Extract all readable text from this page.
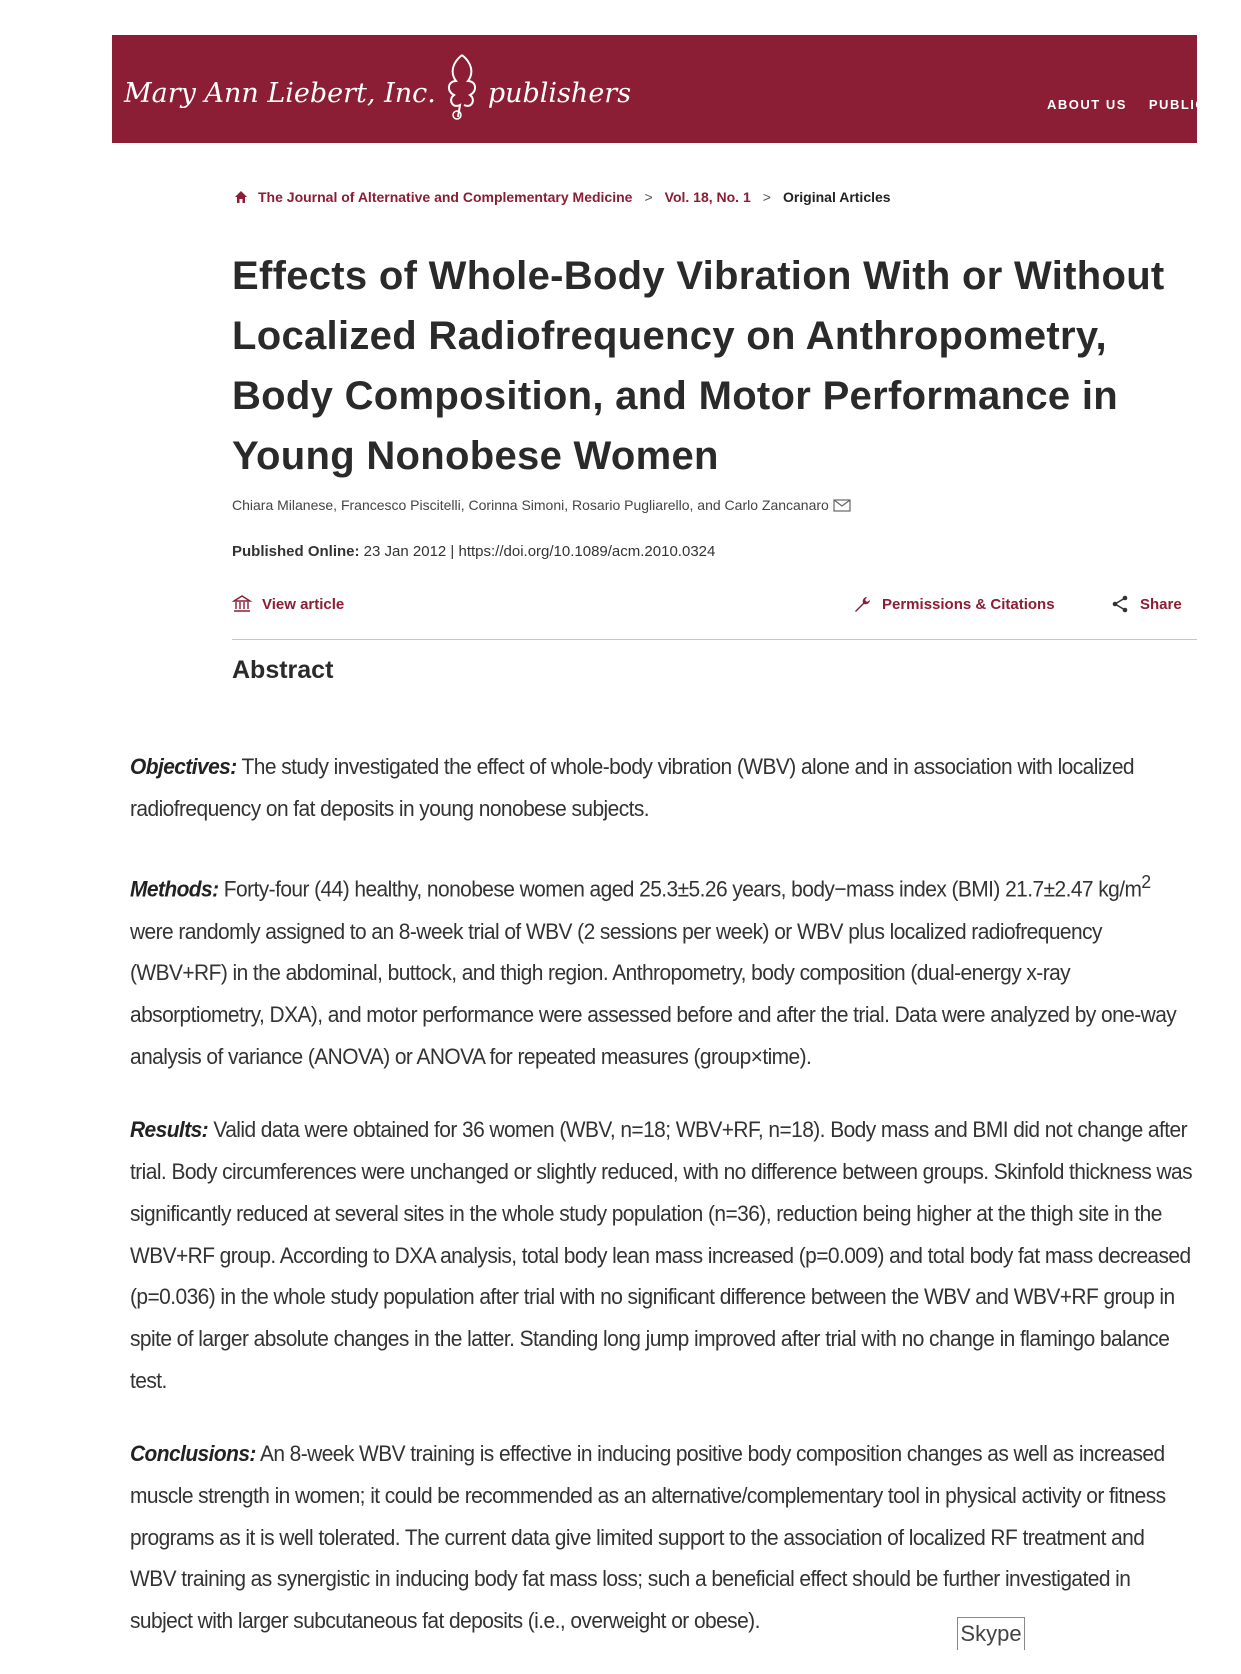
Mary Ann Liebert, Inc. publishers	ABOUT US PUBLIC
The Journal of Alternative and Complementary Medicine > Vol. 18, No. 1 > Original Articles
Effects of Whole-Body Vibration With or Without Localized Radiofrequency on Anthropometry, Body Composition, and Motor Performance in Young Nonobese Women
Chiara Milanese, Francesco Piscitelli, Corinna Simoni, Rosario Pugliarello, and Carlo Zancanaro
Published Online: 23 Jan 2012 | https://doi.org/10.1089/acm.2010.0324
View article	Permissions & Citations	Share
Abstract

Objectives: The study investigated the effect of whole-body vibration (WBV) alone and in association with localized radiofrequency on fat deposits in young nonobese subjects.

Methods: Forty-four (44) healthy, nonobese women aged 25.3±5.26 years, body−mass index (BMI) 21.7±2.47 $kg/m^2$ were randomly assigned to an 8-week trial of WBV (2 sessions per week) or WBV plus localized radiofrequency (WBV+RF) in the abdominal, buttock, and thigh region. Anthropometry, body composition (dual-energy x-ray absorptiometry, DXA), and motor performance were assessed before and after the trial. Data were analyzed by one-way analysis of variance (ANOVA) or ANOVA for repeated measures (group×time).

Results: Valid data were obtained for 36 women (WBV, n=18; WBV+RF, n=18). Body mass and BMI did not change after trial. Body circumferences were unchanged or slightly reduced, with no difference between groups. Skinfold thickness was significantly reduced at several sites in the whole study population (n=36), reduction being higher at the thigh site in the WBV+RF group. According to DXA analysis, total body lean mass increased (p=0.009) and total body fat mass decreased (p=0.036) in the whole study population after trial with no significant difference between the WBV and WBV+RF group in spite of larger absolute changes in the latter. Standing long jump improved after trial with no change in flamingo balance test.

Conclusions: An 8-week WBV training is effective in inducing positive body composition changes as well as increased muscle strength in women; it could be recommended as an alternative/complementary tool in physical activity or fitness programs as it is well tolerated. The current data give limited support to the association of localized RF treatment and WBV training as synergistic in inducing body fat mass loss; such a beneficial effect should be further investigated in subject with larger subcutaneous fat deposits (i.e., overweight or obese).

Skype
